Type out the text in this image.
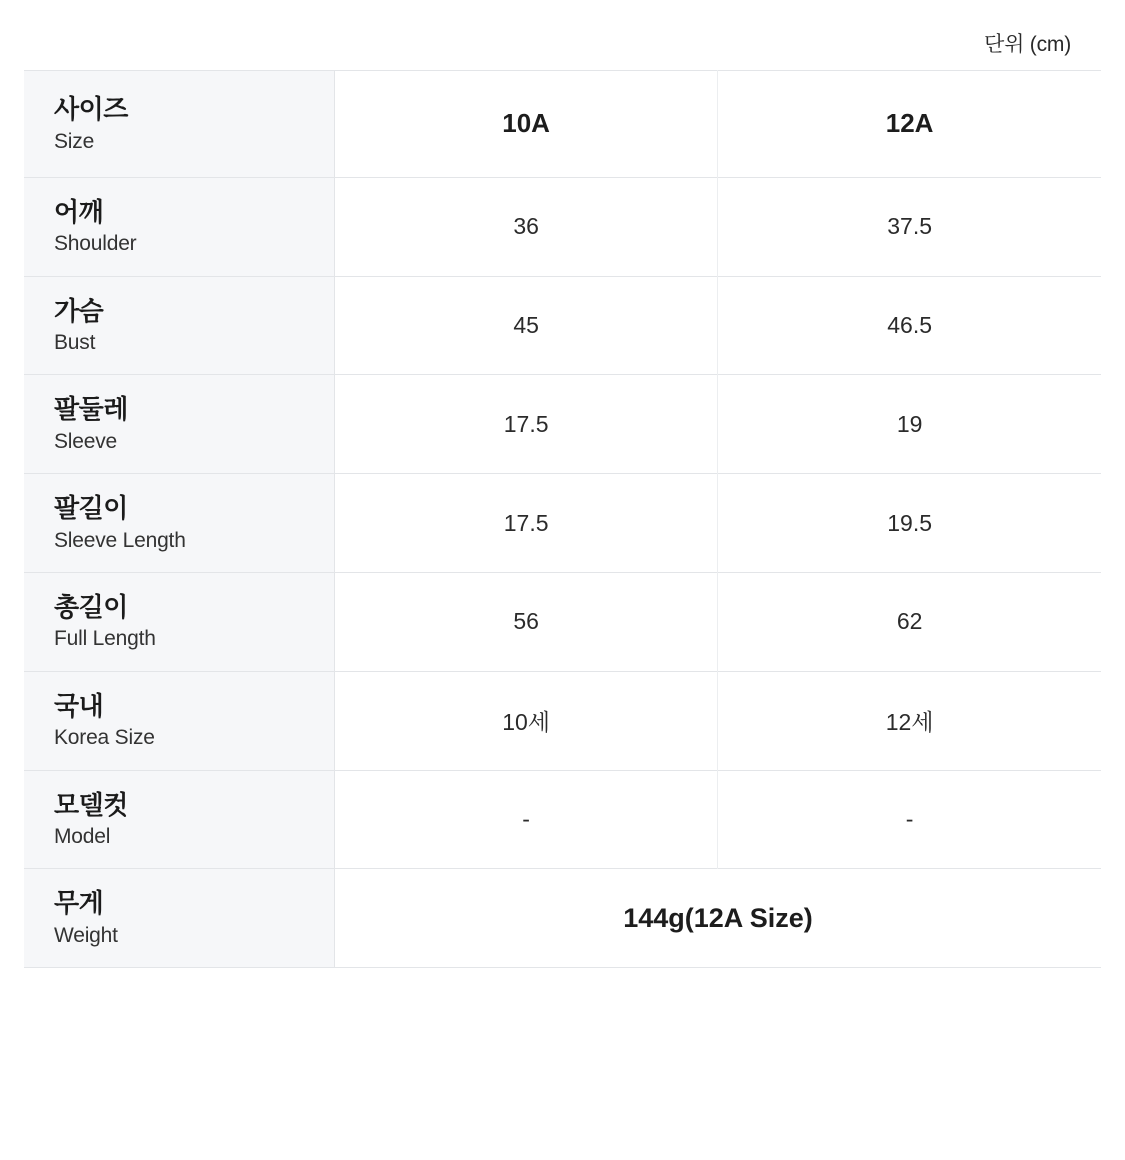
단위 (cm)
사이즈
Size	10A	12A

어깨
Shoulder	36	37.5

가슴
Bust	45	46.5

팔둘레
Sleeve	17.5	19

팔길이
Sleeve Length	17.5	19.5

총길이
Full Length	56	62

국내
Korea Size	10세	12세

모델컷
Model	-	-

무게
Weight	144g(12A Size)	
